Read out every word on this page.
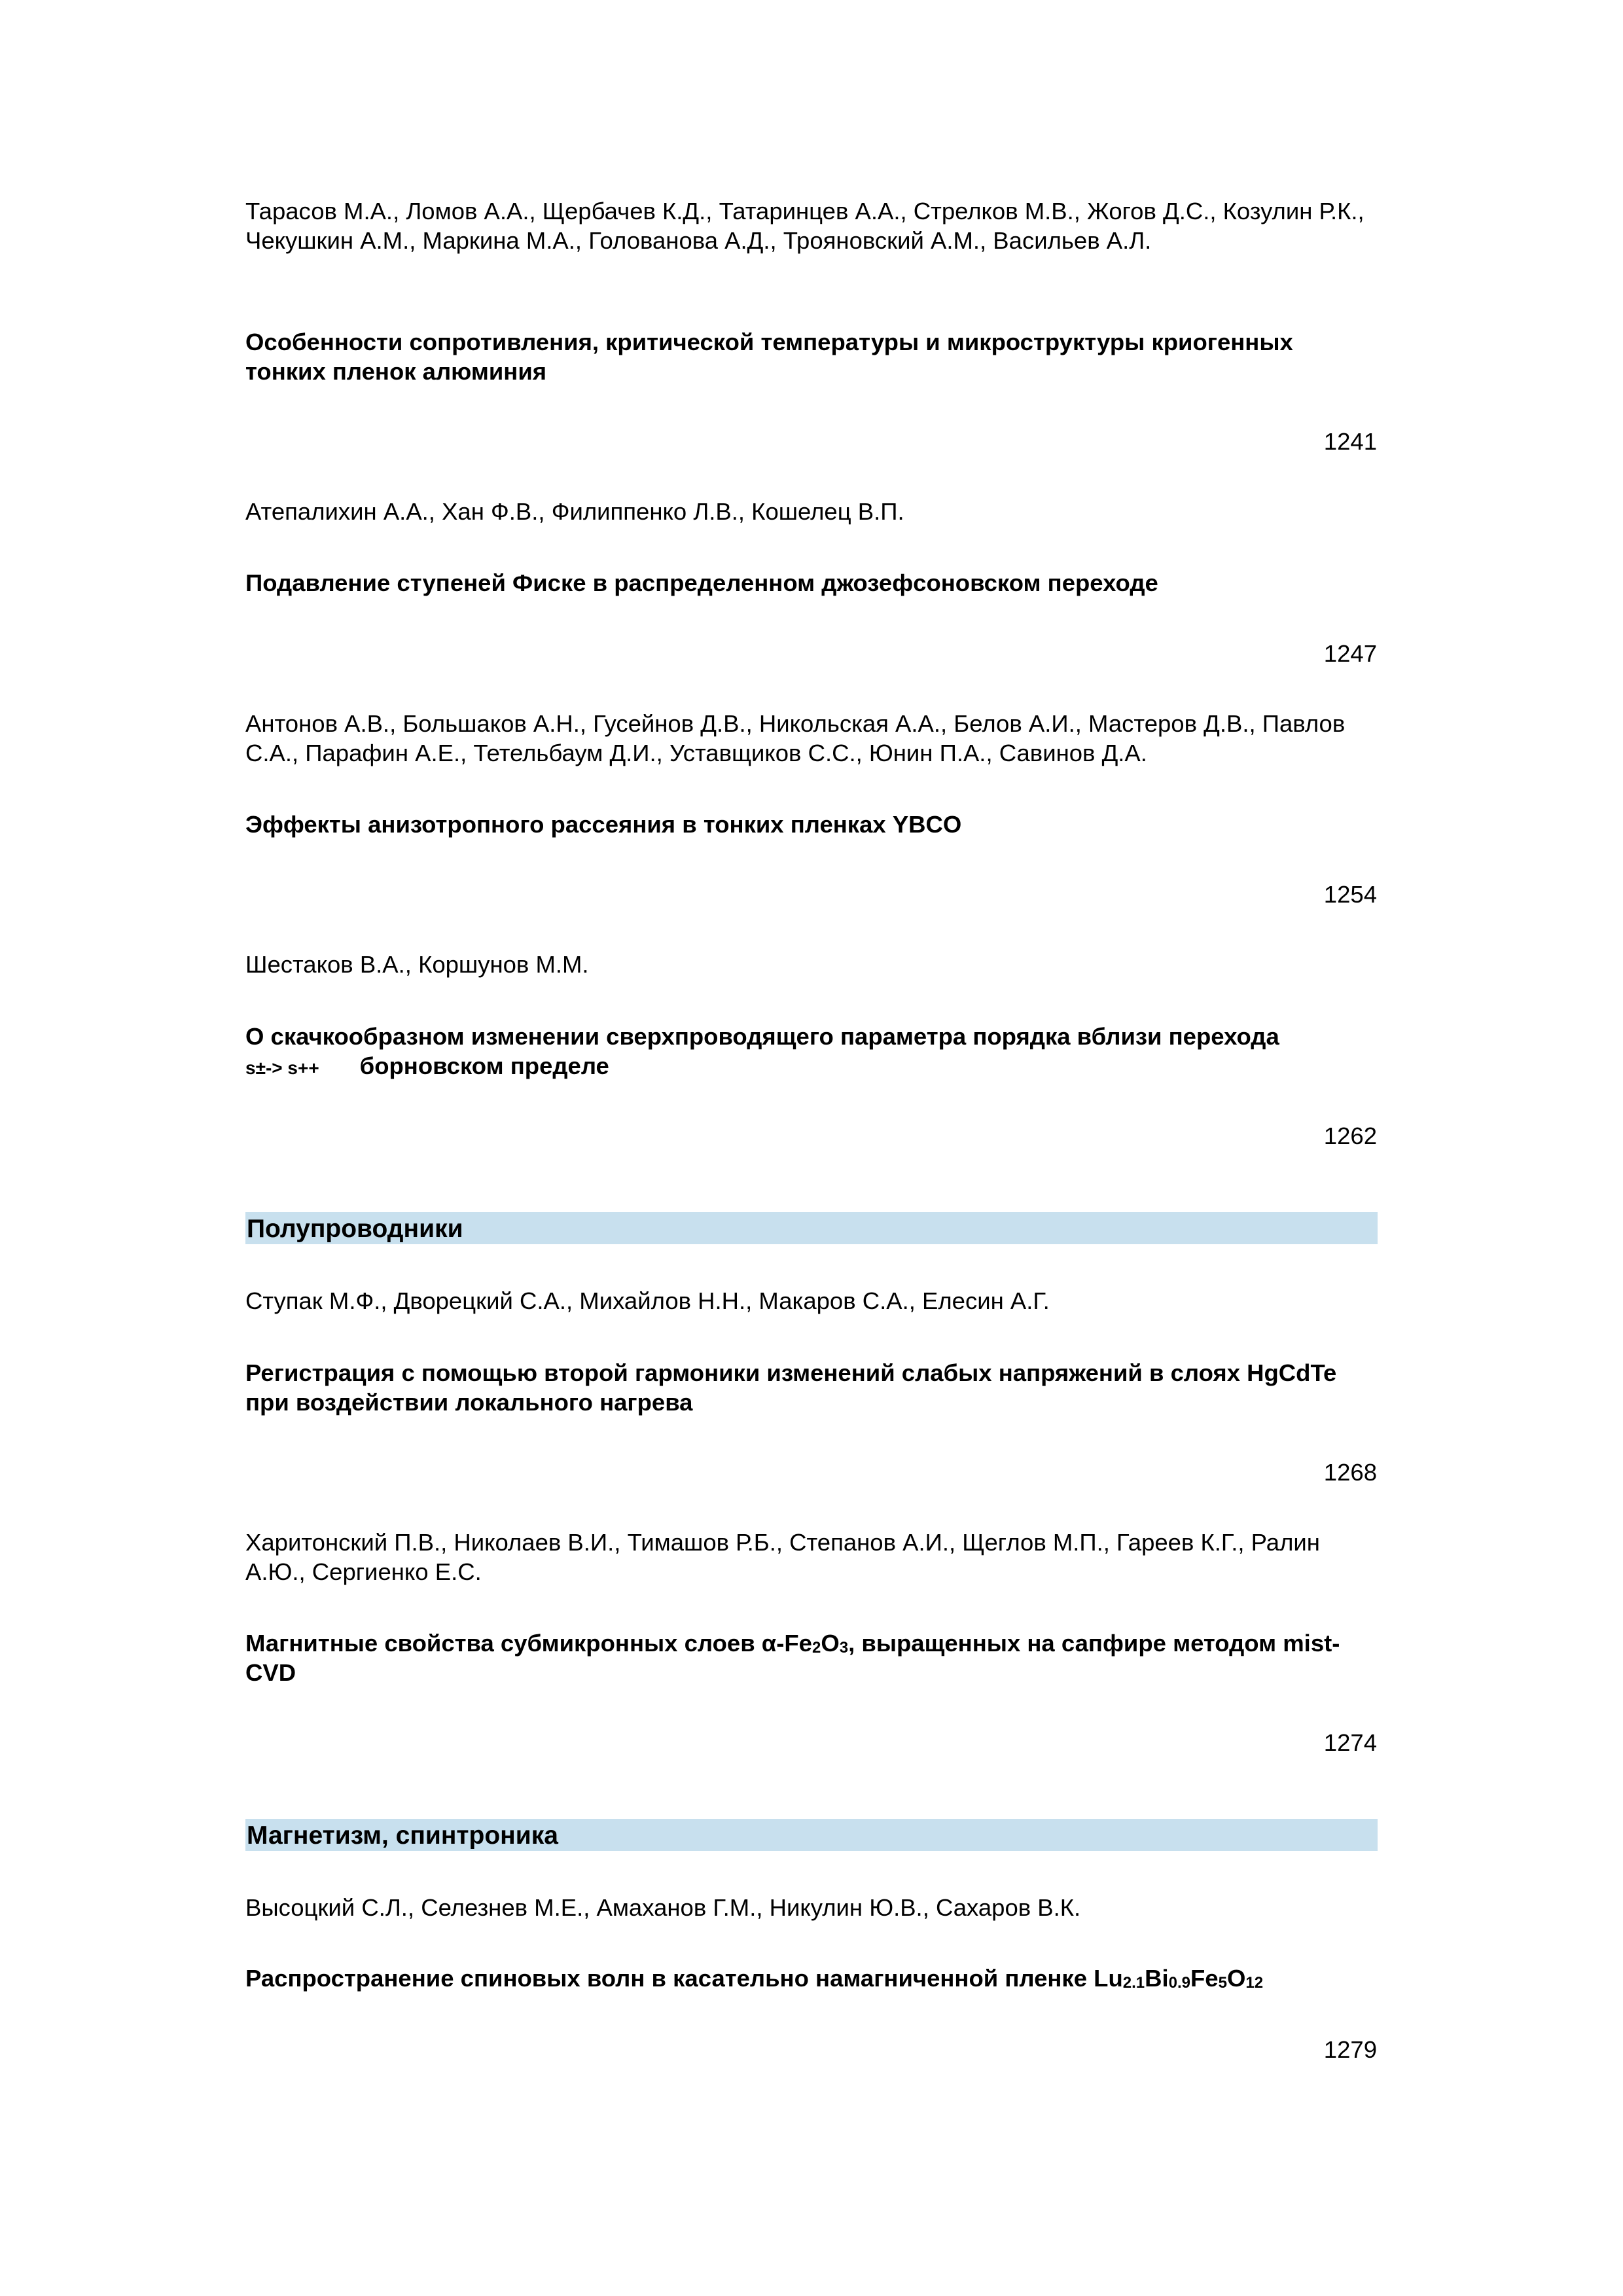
Тарасов М.А., Ломов А.А., Щербачев К.Д., Татаринцев А.А., Стрелков М.В., Жогов Д.С., Козулин Р.К., Чекушкин А.М., Маркина М.А., Голованова А.Д., Трояновский А.М., Васильев А.Л.
Особенности сопротивления, критической температуры и микроструктуры криогенных тонких пленок алюминия
1241
Атепалихин А.А., Хан Ф.В., Филиппенко Л.В., Кошелец В.П.
Подавление ступеней Фиске в распределенном джозефсоновском переходе
1247
Антонов А.В., Большаков А.Н., Гусейнов Д.В., Никольская А.А., Белов А.И., Мастеров Д.В., Павлов С.А., Парафин А.Е., Тетельбаум Д.И., Уставщиков С.С., Юнин П.А., Савинов Д.А.
Эффекты анизотропного рассеяния в тонких пленках YBCO
1254
Шестаков В.А., Коршунов М.М.
О скачкообразном изменении сверхпроводящего параметра порядка вблизи перехода
s±-> s++ борновском пределе
1262
Полупроводники
Ступак М.Ф., Дворецкий С.А., Михайлов Н.Н., Макаров С.А., Елесин А.Г.
Регистрация с помощью второй гармоники изменений слабых напряжений в слоях HgCdTe при воздействии локального нагрева
1268
Харитонский П.В., Николаев В.И., Тимашов Р.Б., Степанов А.И., Щеглов М.П., Гареев К.Г., Ралин А.Ю., Сергиенко Е.С.
Магнитные свойства субмикронных слоев α-Fe2O3, выращенных на сапфире методом mist-CVD
1274
Магнетизм, спинтроника
Высоцкий С.Л., Селезнев М.Е., Амаханов Г.М., Никулин Ю.В., Сахаров В.К.
Распространение спиновых волн в касательно намагниченной пленке Lu2.1Bi0.9Fe5O12
1279
